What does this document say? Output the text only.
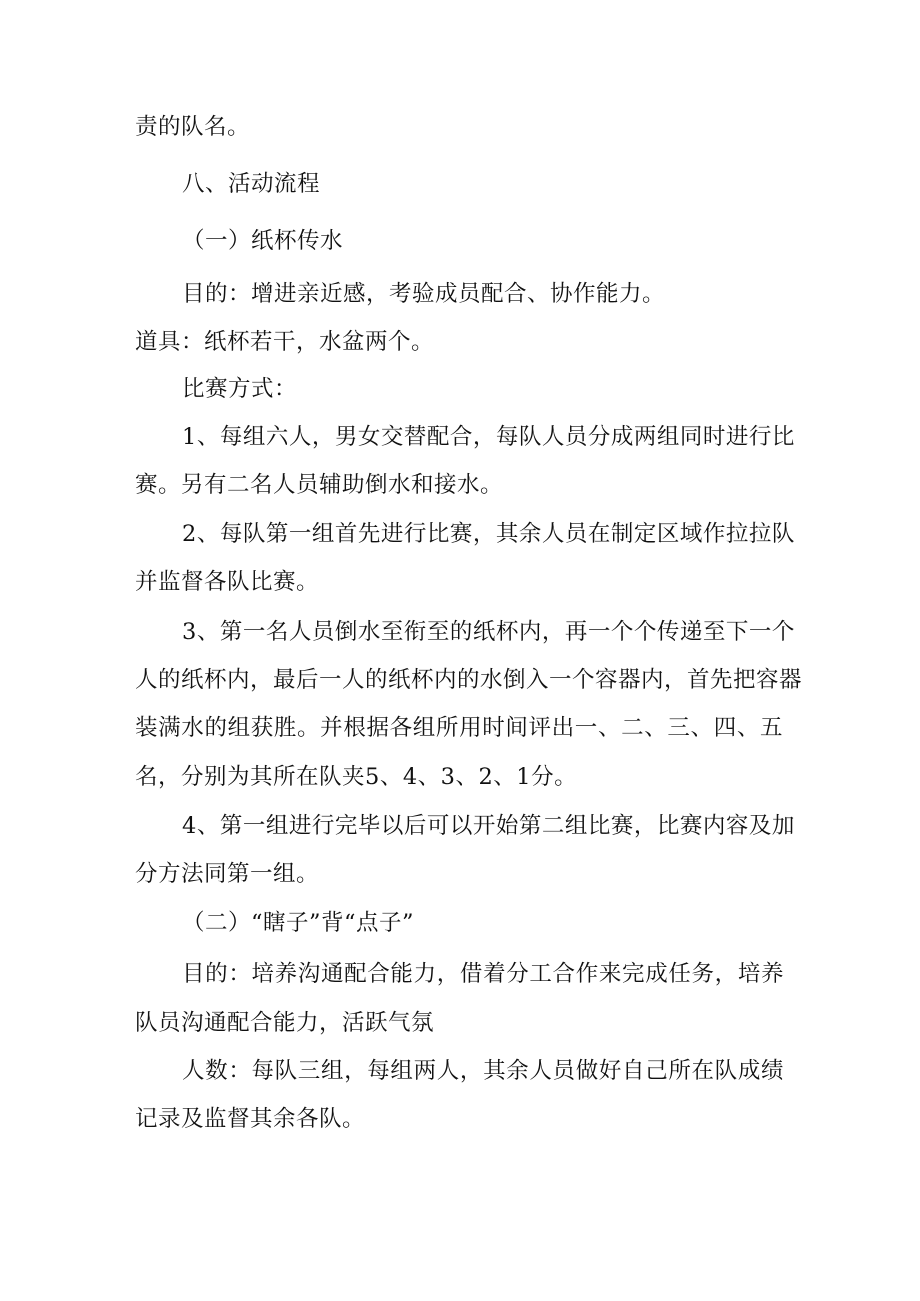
责的队名。
八、活动流程
（一）纸杯传水
目的：增进亲近感，考验成员配合、协作能力。
道具：纸杯若干，水盆两个。
比赛方式：
1、每组六人，男女交替配合，每队人员分成两组同时进行比
赛。另有二名人员辅助倒水和接水。
2、每队第一组首先进行比赛，其余人员在制定区域作拉拉队
并监督各队比赛。
3、第一名人员倒水至衔至的纸杯内，再一个个传递至下一个
人的纸杯内，最后一人的纸杯内的水倒入一个容器内，首先把容器
装满水的组获胜。并根据各组所用时间评出一、二、三、四、五
名，分别为其所在队夹5、4、3、2、1分。
4、第一组进行完毕以后可以开始第二组比赛，比赛内容及加
分方法同第一组。
（二）“瞎子”背“点子”
目的：培养沟通配合能力，借着分工合作来完成任务，培养
队员沟通配合能力，活跃气氛
人数：每队三组，每组两人，其余人员做好自己所在队成绩
记录及监督其余各队。
